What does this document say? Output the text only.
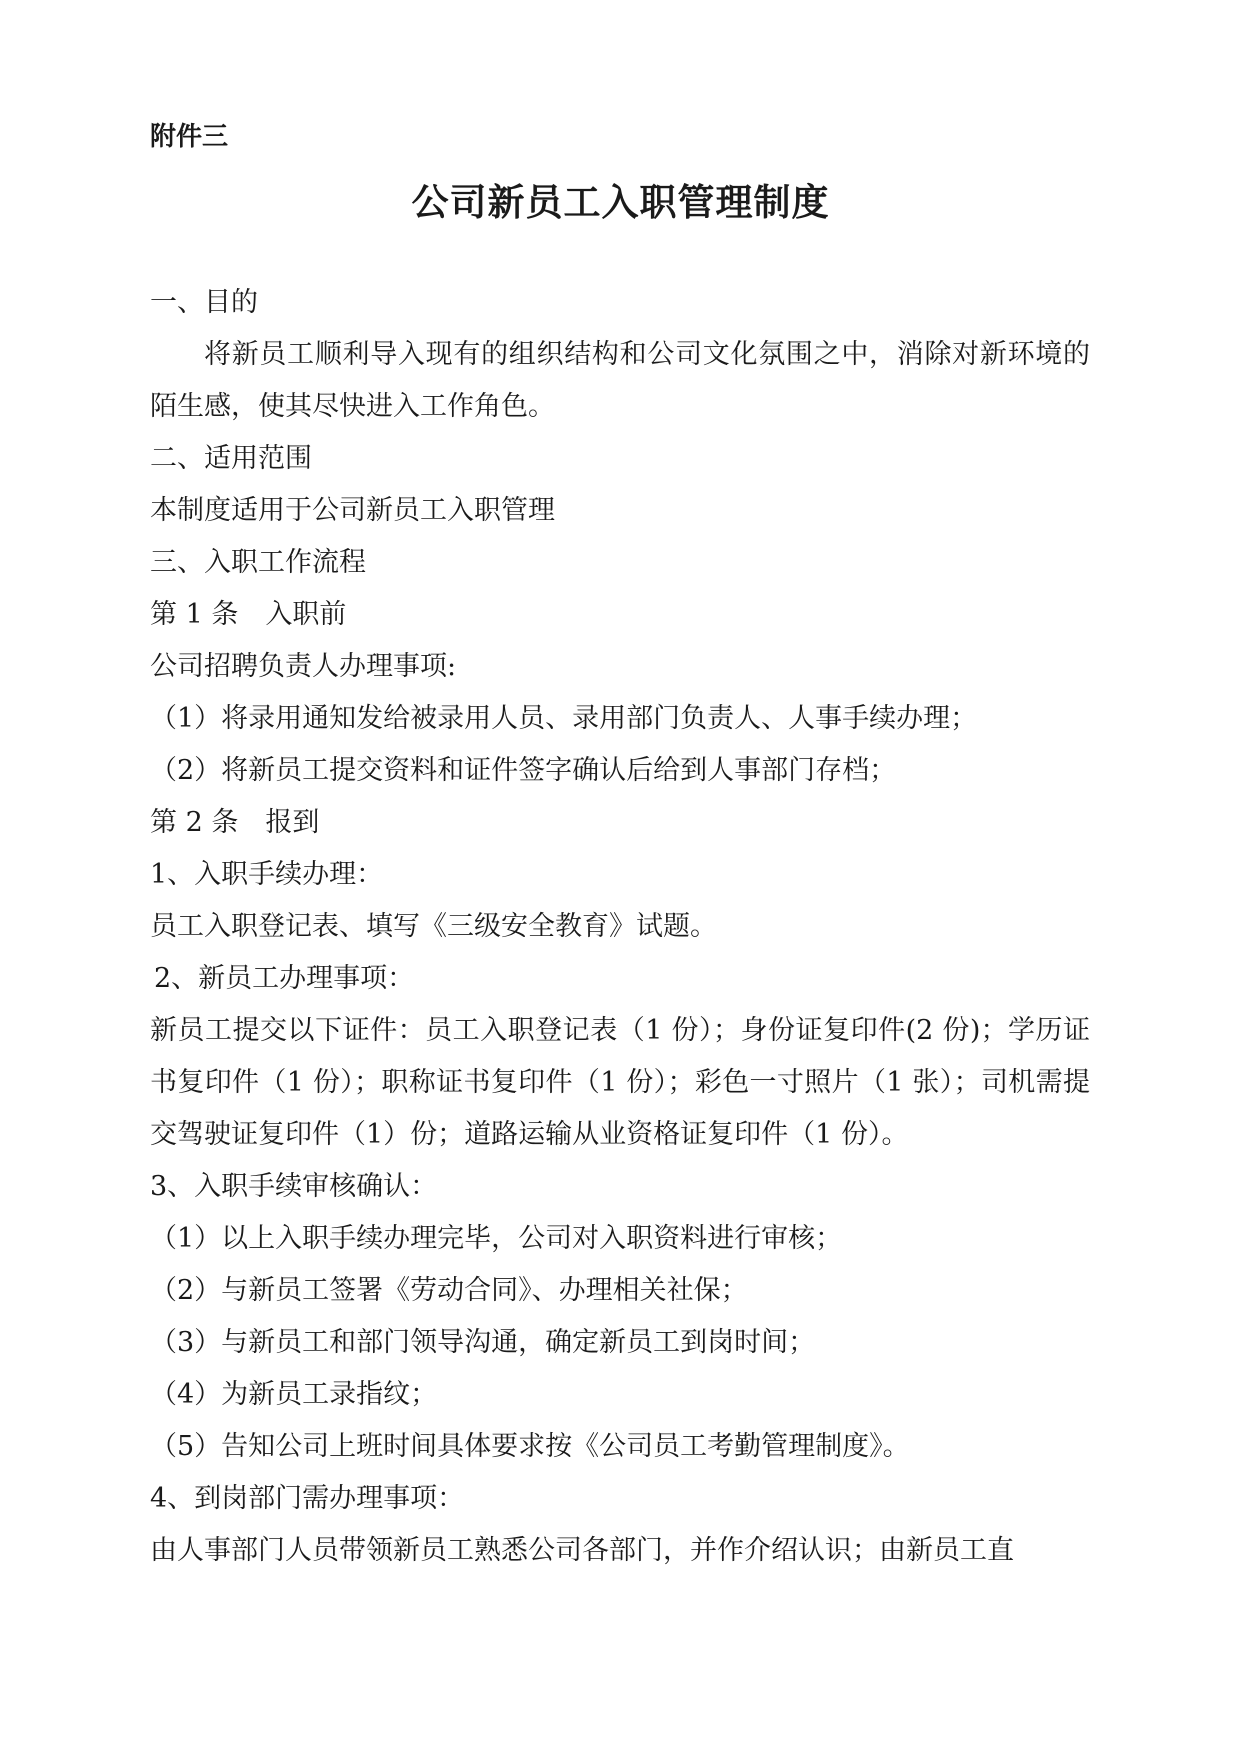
附件三
公司新员工入职管理制度

一、目的

将新员工顺利导入现有的组织结构和公司文化氛围之中，消除对新环境的陌生感，使其尽快进入工作角色。

二、适用范围

本制度适用于公司新员工入职管理

三、入职工作流程

第 1 条　入职前

公司招聘负责人办理事项:

（1）将录用通知发给被录用人员、录用部门负责人、人事手续办理；

（2）将新员工提交资料和证件签字确认后给到人事部门存档；

第 2 条　报到

1、入职手续办理：

员工入职登记表、填写《三级安全教育》试题。

2、新员工办理事项：

新员工提交以下证件：员工入职登记表（1 份）；身份证复印件(2 份)；学历证书复印件（1 份）；职称证书复印件（1 份）；彩色一寸照片（1 张）；司机需提交驾驶证复印件（1）份；道路运输从业资格证复印件（1 份）。

3、入职手续审核确认：

（1）以上入职手续办理完毕，公司对入职资料进行审核；

（2）与新员工签署《劳动合同》、办理相关社保；

（3）与新员工和部门领导沟通，确定新员工到岗时间；

（4）为新员工录指纹；

（5）告知公司上班时间具体要求按《公司员工考勤管理制度》。

4、到岗部门需办理事项：

由人事部门人员带领新员工熟悉公司各部门，并作介绍认识；由新员工直
